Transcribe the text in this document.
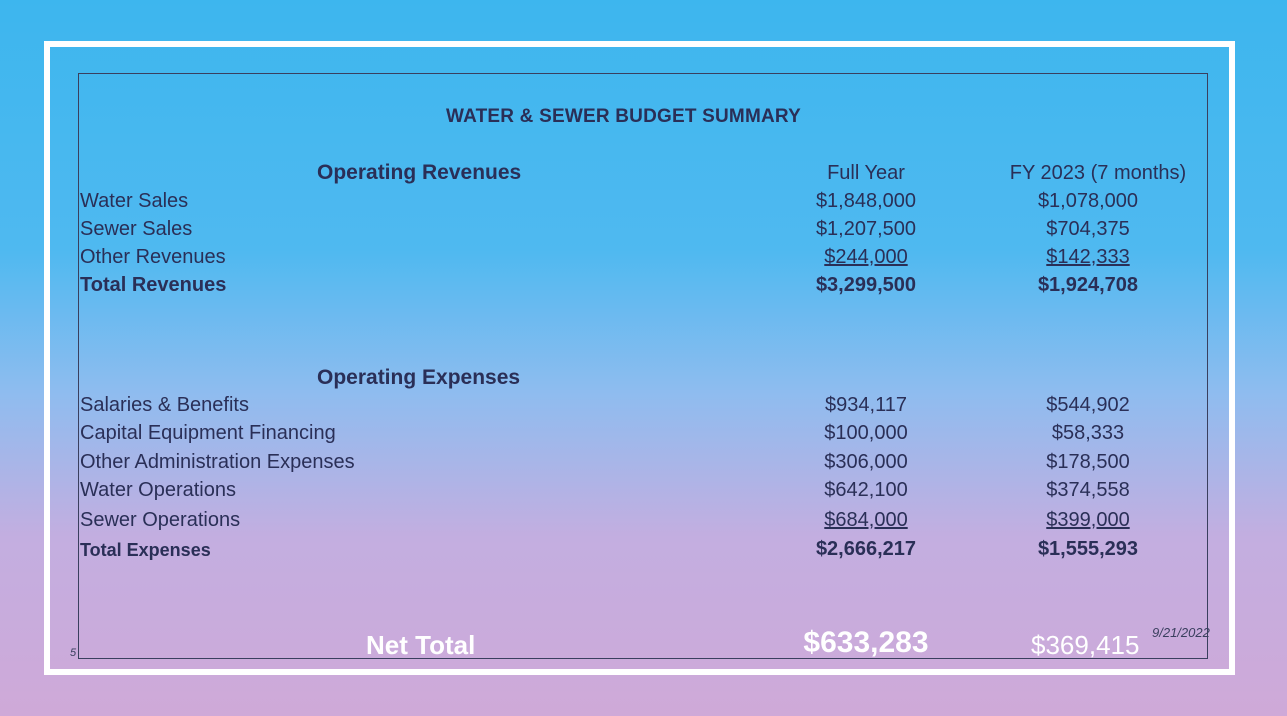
WATER & SEWER BUDGET SUMMARY
Operating Revenues	Full Year	FY 2023 (7 months)
Water Sales	$1,848,000	$1,078,000
Sewer Sales	$1,207,500	$704,375
Other Revenues	$244,000	$142,333
Total Revenues	$3,299,500	$1,924,708
Operating Expenses
Salaries & Benefits	$934,117	$544,902
Capital Equipment Financing	$100,000	$58,333
Other Administration Expenses	$306,000	$178,500
Water Operations	$642,100	$374,558
Sewer Operations	$684,000	$399,000
Total Expenses	$2,666,217	$1,555,293
5	Net Total	$633,283	$369,415 9/21/2022
